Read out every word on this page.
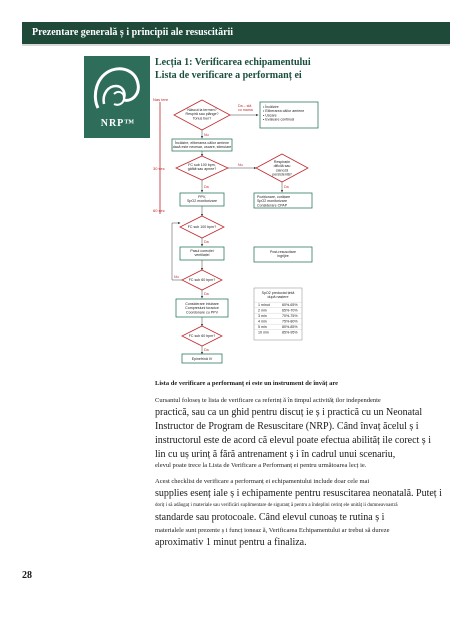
Prezentare generală ș i principii ale resuscitării
NRP™
Lecția 1: Verificarea echipamentului
Lista de verificare a performanț ei
Naș tere
30 sec
60 sec
Născut la termen? Respiră sau plânge? Tonus bun?
Da – stă cu mama
• Încălzire • Eliberarea căilor aeriene • Uscare • Evaluare continuă
Nu
Încălzire, eliberarea căilor aeriene dacă este necesar, uscare, stimulare
FC sub 100 bpm, gâfâit sau apnee?
Nu
Respirație dificilă sau cianoză persistentă?
Da	Da
PPV, SpO2 monitorizare
Poziționare, curățare SpO2 monitorizare Considerare CPAP
FC sub 100 bpm?
Da
Pasul corecției ventilației
Post-resuscitare ingrijire
FC sub 60 bpm?
Da
Nu
SpO2 preductal țintă după naștere
1 minut	60%-65%
2 min	65%-70%
3 min	70%-75%
4 min	75%-80%
5 min	80%-85%
10 min	85%-95%
Considerare intubare Compresiuni toracice Coordonare cu PPV
FC sub 60 bpm?
Da
Epinefrină IV
Lista de verificare a performanț ei este un instrument de învăț are
Cursantul foloseș te lista de verificare ca referinț ă în timpul activităț ilor independente
practică, sau ca un ghid pentru discuț ie ș i practică cu un Neonatal
Instructor de Program de Resuscitare (NRP). Când învaț ăcelul ș i
instructorul este de acord că elevul poate efectua abilităț ile corect ș i
lin cu uș urinț ă fără antrenament ș i în cadrul unui scenariu,
elevul poate trece la Lista de Verificare a Performanț ei pentru următoarea lecț ie.
Acest checklist de verificare a performanț ei echipamentului include doar cele mai
supplies esenț iale ș i echipamente pentru resuscitarea neonatală. Puteț i
doriț i să adăugaț i materiale sau verificări suplimentare de siguranț ă pentru a îndeplini cerinț ele unităț ii dumneavoastră
standarde sau protocoale. Când elevul cunoaș te rutina ș i
materialele sunt prezente ș i funcț ioneaz ă, Verificarea Echipamentului ar trebui să dureze
aproximativ 1 minut pentru a finaliza.
28
